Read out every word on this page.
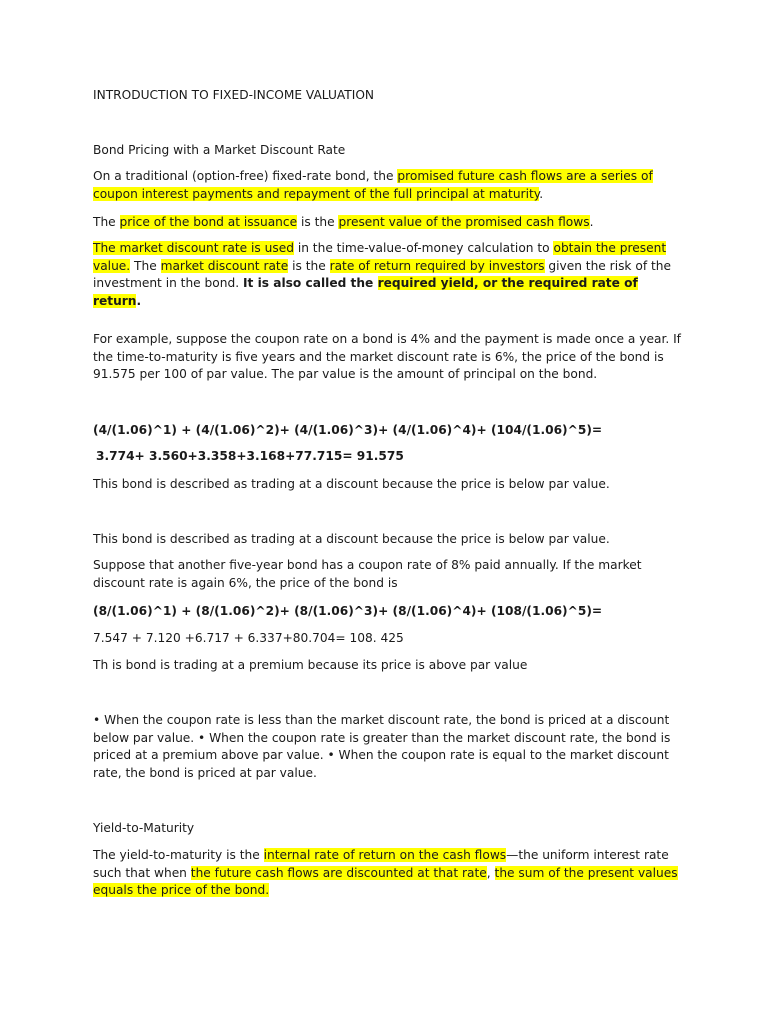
INTRODUCTION TO FIXED-INCOME VALUATION

Bond Pricing with a Market Discount Rate

On a traditional (option-free) fixed-rate bond, the promised future cash flows are a series of coupon interest payments and repayment of the full principal at maturity.

The price of the bond at issuance is the present value of the promised cash flows.

The market discount rate is used in the time-value-of-money calculation to obtain the present value. The market discount rate is the rate of return required by investors given the risk of the investment in the bond. It is also called the required yield, or the required rate of return.

For example, suppose the coupon rate on a bond is 4% and the payment is made once a year. If the time-to-maturity is five years and the market discount rate is 6%, the price of the bond is 91.575 per 100 of par value. The par value is the amount of principal on the bond.

(4/(1.06)^1) + (4/(1.06)^2)+ (4/(1.06)^3)+ (4/(1.06)^4)+ (104/(1.06)^5)=

3.774+ 3.560+3.358+3.168+77.715= 91.575

This bond is described as trading at a discount because the price is below par value.

This bond is described as trading at a discount because the price is below par value.

Suppose that another five-year bond has a coupon rate of 8% paid annually. If the market discount rate is again 6%, the price of the bond is

(8/(1.06)^1) + (8/(1.06)^2)+ (8/(1.06)^3)+ (8/(1.06)^4)+ (108/(1.06)^5)=

7.547 + 7.120 +6.717 + 6.337+80.704= 108. 425

Th is bond is trading at a premium because its price is above par value

• When the coupon rate is less than the market discount rate, the bond is priced at a discount below par value. • When the coupon rate is greater than the market discount rate, the bond is priced at a premium above par value. • When the coupon rate is equal to the market discount rate, the bond is priced at par value.

Yield-to-Maturity

The yield-to-maturity is the internal rate of return on the cash flows—the uniform interest rate such that when the future cash flows are discounted at that rate, the sum of the present values equals the price of the bond.
